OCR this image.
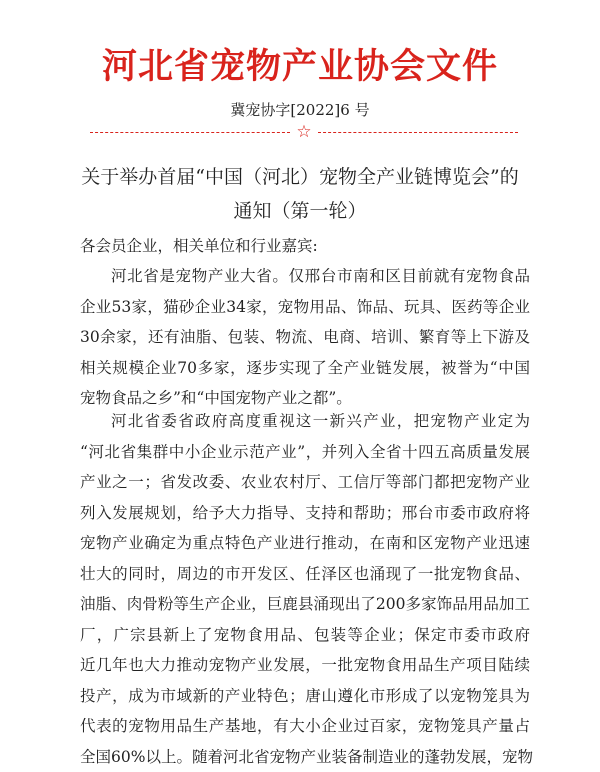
河北省宠物产业协会文件
冀宠协字[2022]6 号
☆
关于举办首届“中国（河北）宠物全产业链博览会”的
通知（第一轮）
各会员企业，相关单位和行业嘉宾:
河北省是宠物产业大省。仅邢台市南和区目前就有宠物食品
企业53家，猫砂企业34家，宠物用品、饰品、玩具、医药等企业
30余家，还有油脂、包装、物流、电商、培训、繁育等上下游及
相关规模企业70多家，逐步实现了全产业链发展，被誉为“中国
宠物食品之乡”和“中国宠物产业之都”。
河北省委省政府高度重视这一新兴产业，把宠物产业定为
“河北省集群中小企业示范产业”，并列入全省十四五高质量发展
产业之一；省发改委、农业农村厅、工信厅等部门都把宠物产业
列入发展规划，给予大力指导、支持和帮助；邢台市委市政府将
宠物产业确定为重点特色产业进行推动，在南和区宠物产业迅速
壮大的同时，周边的市开发区、任泽区也涌现了一批宠物食品、
油脂、肉骨粉等生产企业，巨鹿县涌现出了200多家饰品用品加工
厂，广宗县新上了宠物食用品、包装等企业；保定市委市政府
近几年也大力推动宠物产业发展，一批宠物食用品生产项目陆续
投产，成为市域新的产业特色；唐山遵化市形成了以宠物笼具为
代表的宠物用品生产基地，有大小企业过百家，宠物笼具产量占
全国60%以上。随着河北省宠物产业装备制造业的蓬勃发展，宠物
